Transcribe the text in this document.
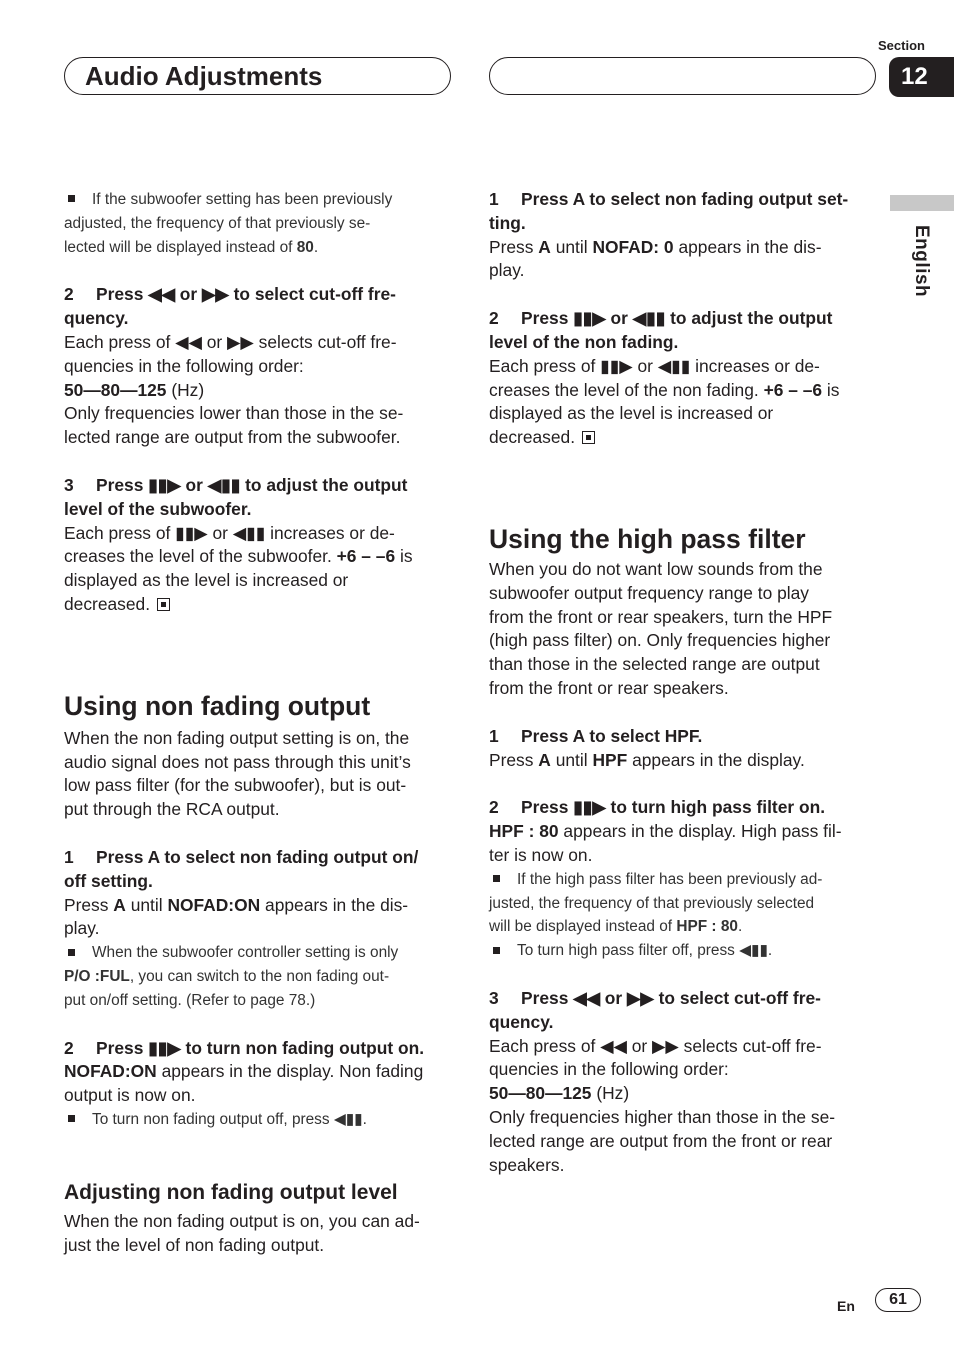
Audio Adjustments
Section
12
English

If the subwoofer setting has been previously
adjusted, the frequency of that previously se-
lected will be displayed instead of 80.

2 Press ◀◀ or ▶▶ to select cut-off fre-
quency.

Each press of ◀◀ or ▶▶ selects cut-off fre-
quencies in the following order:
50—80—125 (Hz)
Only frequencies lower than those in the se-
lected range are output from the subwoofer.

3 Press ▮▮▶ or ◀▮▮ to adjust the output
level of the subwoofer.

Each press of ▮▮▶ or ◀▮▮ increases or de-
creases the level of the subwoofer. +6 – –6 is
displayed as the level is increased or
decreased.

Using non fading output

When the non fading output setting is on, the
audio signal does not pass through this unit’s
low pass filter (for the subwoofer), but is out-
put through the RCA output.

1 Press A to select non fading output on/
off setting.

Press A until NOFAD:ON appears in the dis-
play.

When the subwoofer controller setting is only
P/O :FUL, you can switch to the non fading out-
put on/off setting. (Refer to page 78.)

2 Press ▮▮▶ to turn non fading output on.

NOFAD:ON appears in the display. Non fading
output is now on.

To turn non fading output off, press ◀▮▮.

Adjusting non fading output level

When the non fading output is on, you can ad-
just the level of non fading output.

1 Press A to select non fading output set-
ting.

Press A until NOFAD: 0 appears in the dis-
play.

2 Press ▮▮▶ or ◀▮▮ to adjust the output
level of the non fading.

Each press of ▮▮▶ or ◀▮▮ increases or de-
creases the level of the non fading. +6 – –6 is
displayed as the level is increased or
decreased.

Using the high pass filter

When you do not want low sounds from the
subwoofer output frequency range to play
from the front or rear speakers, turn the HPF
(high pass filter) on. Only frequencies higher
than those in the selected range are output
from the front or rear speakers.

1 Press A to select HPF.

Press A until HPF appears in the display.

2 Press ▮▮▶ to turn high pass filter on.

HPF : 80 appears in the display. High pass fil-
ter is now on.

If the high pass filter has been previously ad-
justed, the frequency of that previously selected
will be displayed instead of HPF : 80.

To turn high pass filter off, press ◀▮▮.

3 Press ◀◀ or ▶▶ to select cut-off fre-
quency.

Each press of ◀◀ or ▶▶ selects cut-off fre-
quencies in the following order:
50—80—125 (Hz)
Only frequencies higher than those in the se-
lected range are output from the front or rear
speakers.

En	61
